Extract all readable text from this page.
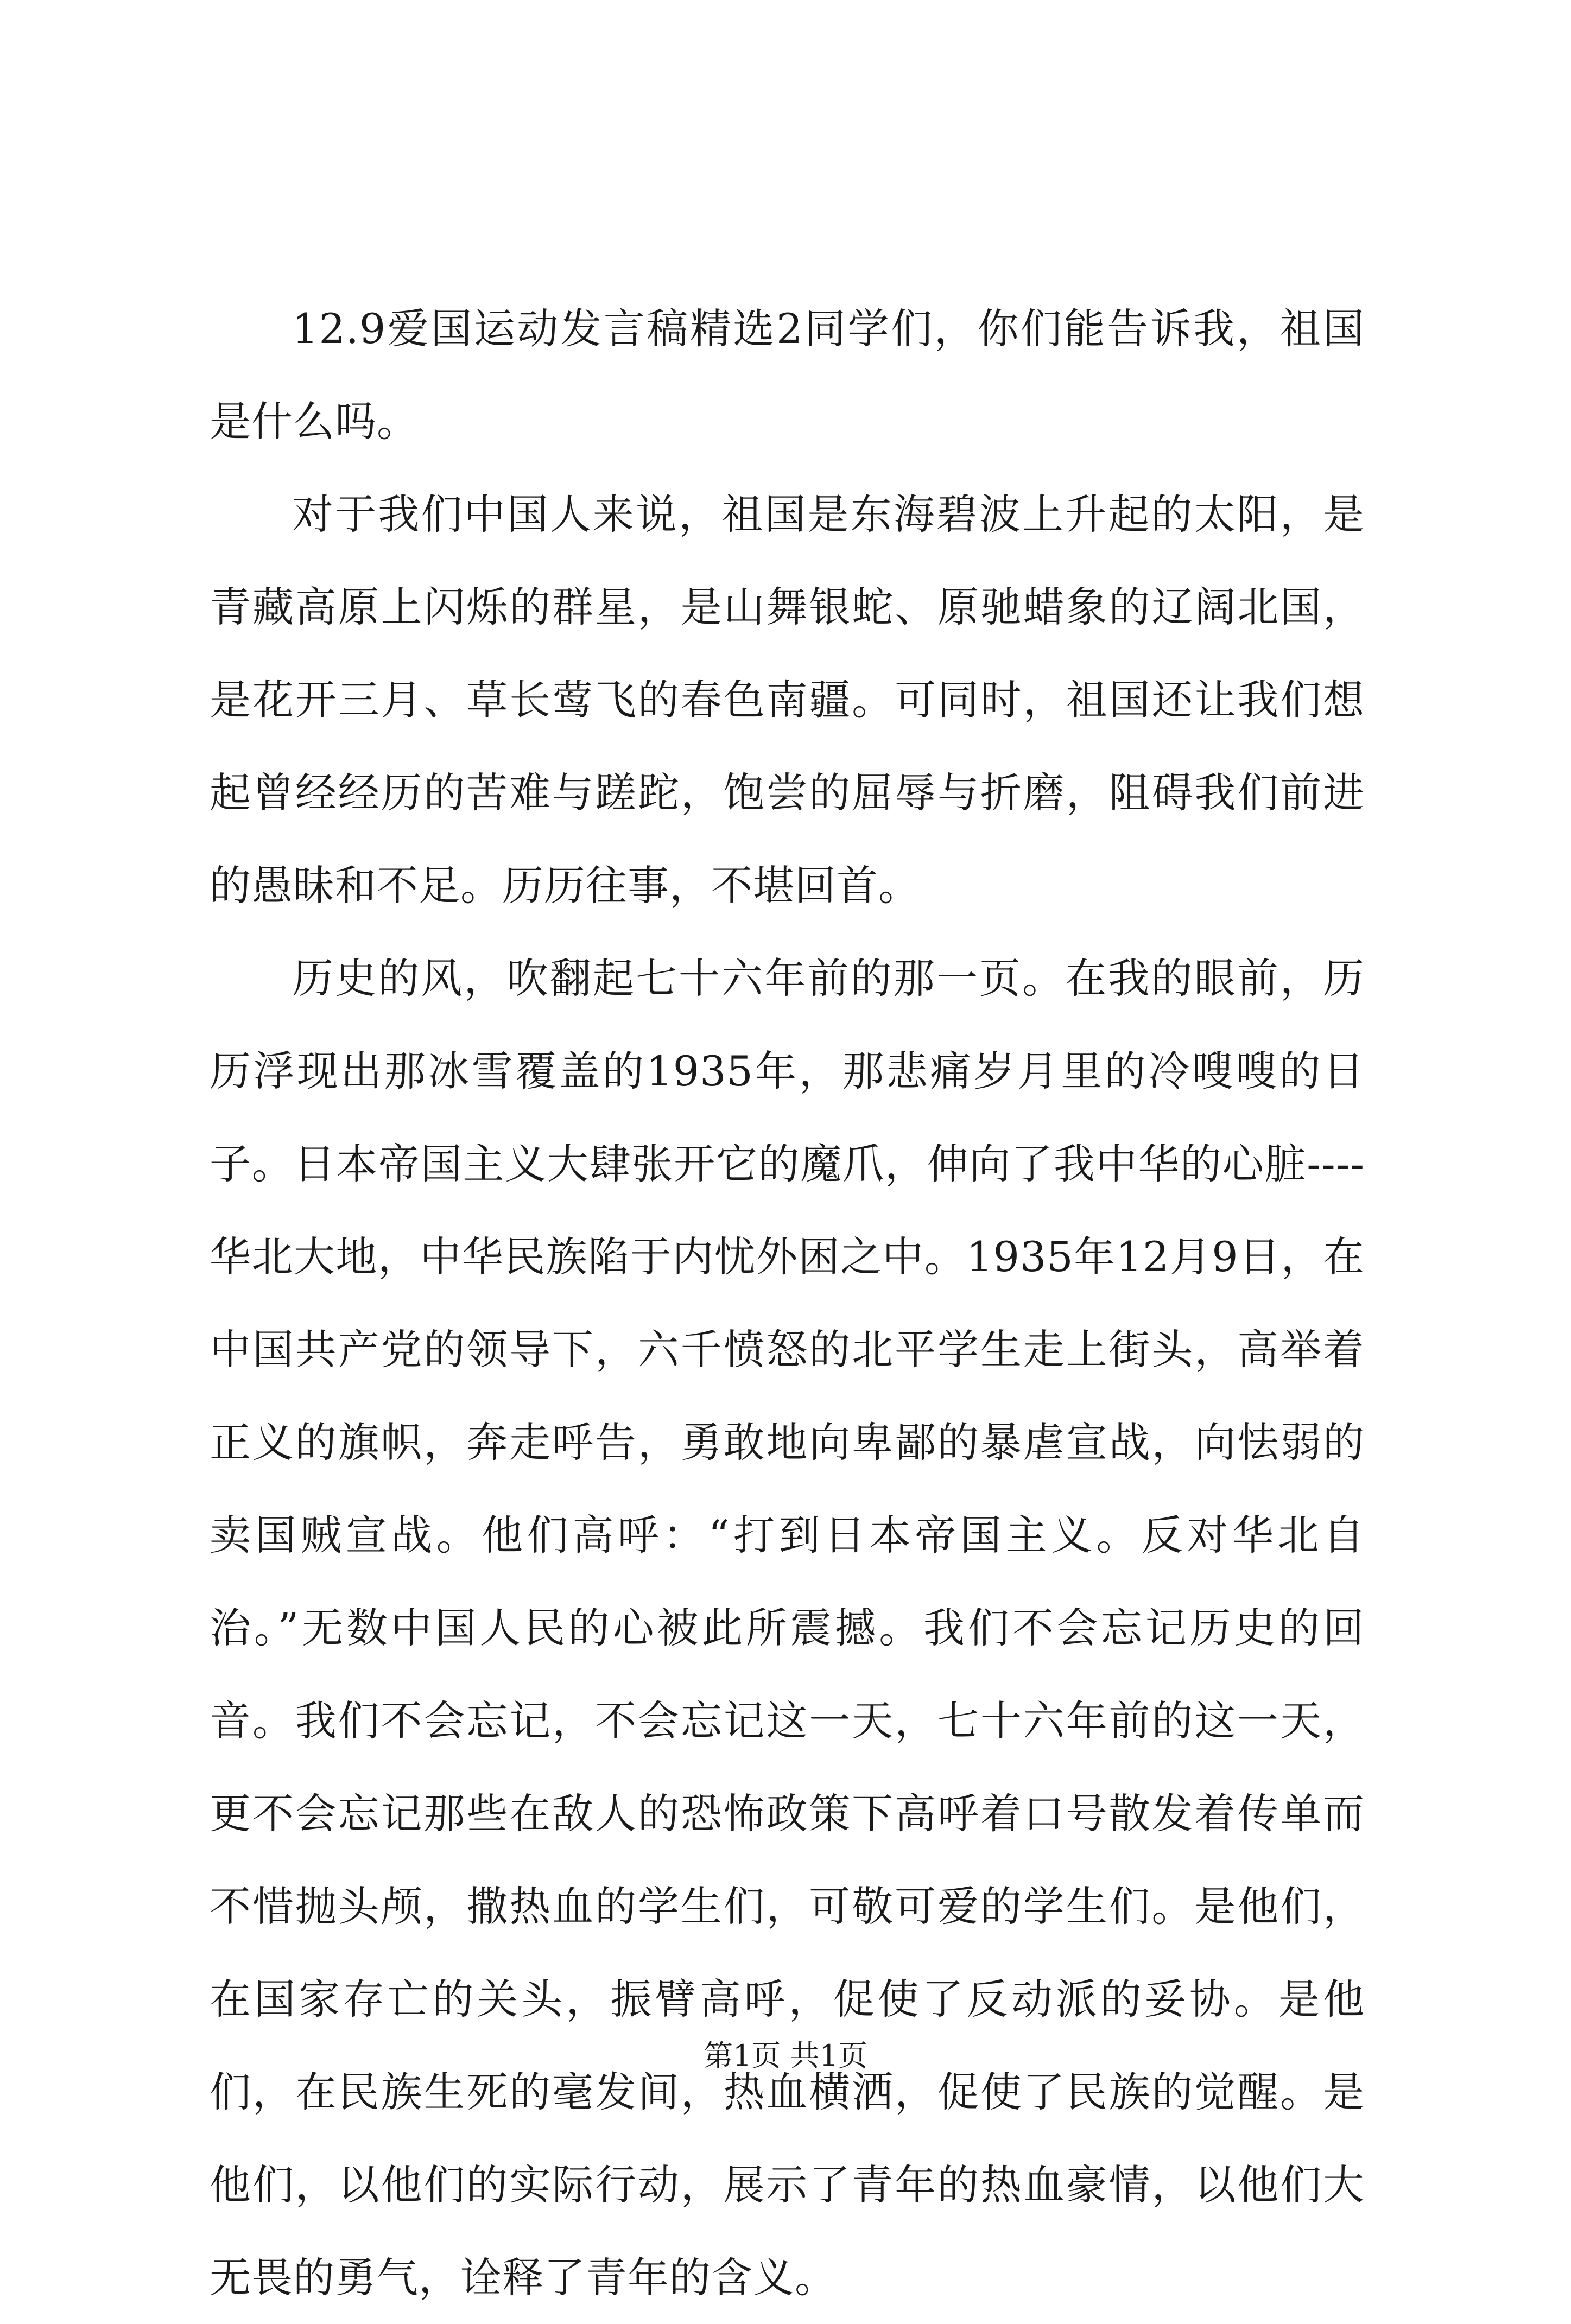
12.9爱国运动发言稿精选2同学们，你们能告诉我，祖国是什么吗。

对于我们中国人来说，祖国是东海碧波上升起的太阳，是青藏高原上闪烁的群星，是山舞银蛇、原驰蜡象的辽阔北国，是花开三月、草长莺飞的春色南疆。可同时，祖国还让我们想起曾经经历的苦难与蹉跎，饱尝的屈辱与折磨，阻碍我们前进的愚昧和不足。历历往事，不堪回首。

历史的风，吹翻起七十六年前的那一页。在我的眼前，历历浮现出那冰雪覆盖的1935年，那悲痛岁月里的冷嗖嗖的日子。日本帝国主义大肆张开它的魔爪，伸向了我中华的心脏----华北大地，中华民族陷于内忧外困之中。1935年12月9日，在中国共产党的领导下，六千愤怒的北平学生走上街头，高举着正义的旗帜，奔走呼告，勇敢地向卑鄙的暴虐宣战，向怯弱的卖国贼宣战。他们高呼：“打到日本帝国主义。反对华北自治。”无数中国人民的心被此所震撼。我们不会忘记历史的回音。我们不会忘记，不会忘记这一天，七十六年前的这一天，更不会忘记那些在敌人的恐怖政策下高呼着口号散发着传单而不惜抛头颅，撒热血的学生们，可敬可爱的学生们。是他们，在国家存亡的关头，振臂高呼，促使了反动派的妥协。是他们，在民族生死的毫发间，热血横洒，促使了民族的觉醒。是他们，以他们的实际行动，展示了青年的热血豪情，以他们大无畏的勇气，诠释了青年的含义。

第1页 共1页
